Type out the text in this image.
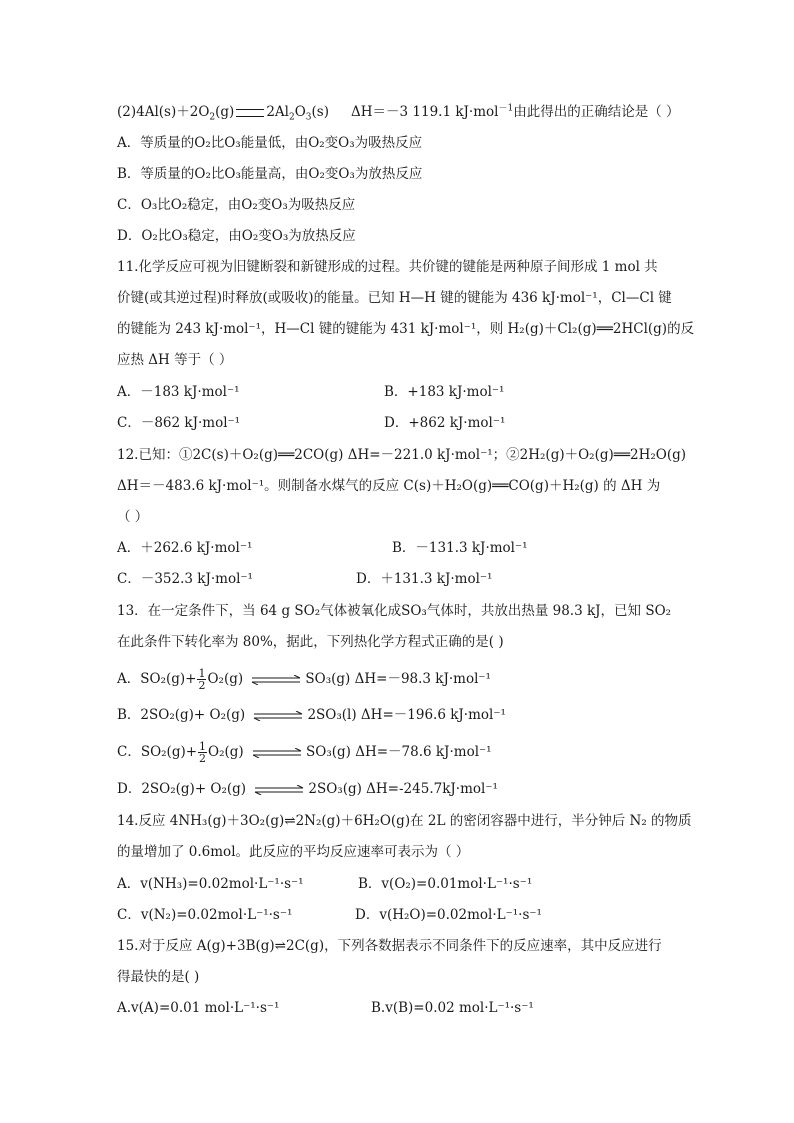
$(2)4Al(s)+2O_2(g)$ $2Al_2O_3(s)$ ΔH＝－3 119.1 kJ·mol$^{-1}$由此得出的正确结论是（ ）
A．等质量的O₂比O₃能量低，由O₂变O₃为吸热反应
B．等质量的O₂比O₃能量高，由O₂变O₃为放热反应
C．O₃比O₂稳定，由O₂变O₃为吸热反应
D．O₂比O₃稳定，由O₂变O₃为放热反应
11.化学反应可视为旧键断裂和新键形成的过程。共价键的键能是两种原子间形成 1 mol 共
价键(或其逆过程)时释放(或吸收)的能量。已知 H—H 键的键能为 436 kJ·mol⁻¹，Cl—Cl 键
的键能为 243 kJ·mol⁻¹，H—Cl 键的键能为 431 kJ·mol⁻¹，则 H₂(g)＋Cl₂(g)══2HCl(g)的反
应热 ΔH 等于（ ）
A．－183 kJ·mol⁻¹	B．+183 kJ·mol⁻¹
C．－862 kJ·mol⁻¹	D．+862 kJ·mol⁻¹
12.已知：①2C(s)＋O₂(g)══2CO(g) ΔH=－221.0 kJ·mol⁻¹；②2H₂(g)＋O₂(g)══2H₂O(g)
ΔH＝－483.6 kJ·mol⁻¹。则制备水煤气的反应 C(s)＋H₂O(g)══CO(g)＋H₂(g) 的 ΔH 为
（ ）
A．＋262.6 kJ·mol⁻¹	B．－131.3 kJ·mol⁻¹
C．－352.3 kJ·mol⁻¹	D．＋131.3 kJ·mol⁻¹
13．在一定条件下，当 64 g SO₂气体被氧化成SO₃气体时，共放出热量 98.3 kJ，已知 SO₂
在此条件下转化率为 80%，据此，下列热化学方程式正确的是( )
A．$SO_2(g)+ \frac{1}{2} O_2(g)$ ⇌ SO₃(g) ΔH=－98.3 kJ·mol⁻¹
B．2SO₂(g)+ O₂(g) ⇌ 2SO₃(l) ΔH=－196.6 kJ·mol⁻¹
C．$SO_2(g)+ \frac{1}{2} O_2(g)$ ⇌ SO₃(g) ΔH=－78.6 kJ·mol⁻¹
D．2SO₂(g)+ O₂(g) ⇌ 2SO₃(g) ΔH=-245.7kJ·mol⁻¹
14.反应 4NH₃(g)＋3O₂(g)⇌2N₂(g)＋6H₂O(g)在 2L 的密闭容器中进行，半分钟后 N₂ 的物质
的量增加了 0.6mol。此反应的平均反应速率可表示为（ ）
A．v(NH₃)=0.02mol·L⁻¹·s⁻¹	B．v(O₂)=0.01mol·L⁻¹·s⁻¹
C．v(N₂)=0.02mol·L⁻¹·s⁻¹	D．v(H₂O)=0.02mol·L⁻¹·s⁻¹
15.对于反应 A(g)+3B(g)⇌2C(g)，下列各数据表示不同条件下的反应速率，其中反应进行
得最快的是( )
A.v(A)=0.01 mol·L⁻¹·s⁻¹	B.v(B)=0.02 mol·L⁻¹·s⁻¹
